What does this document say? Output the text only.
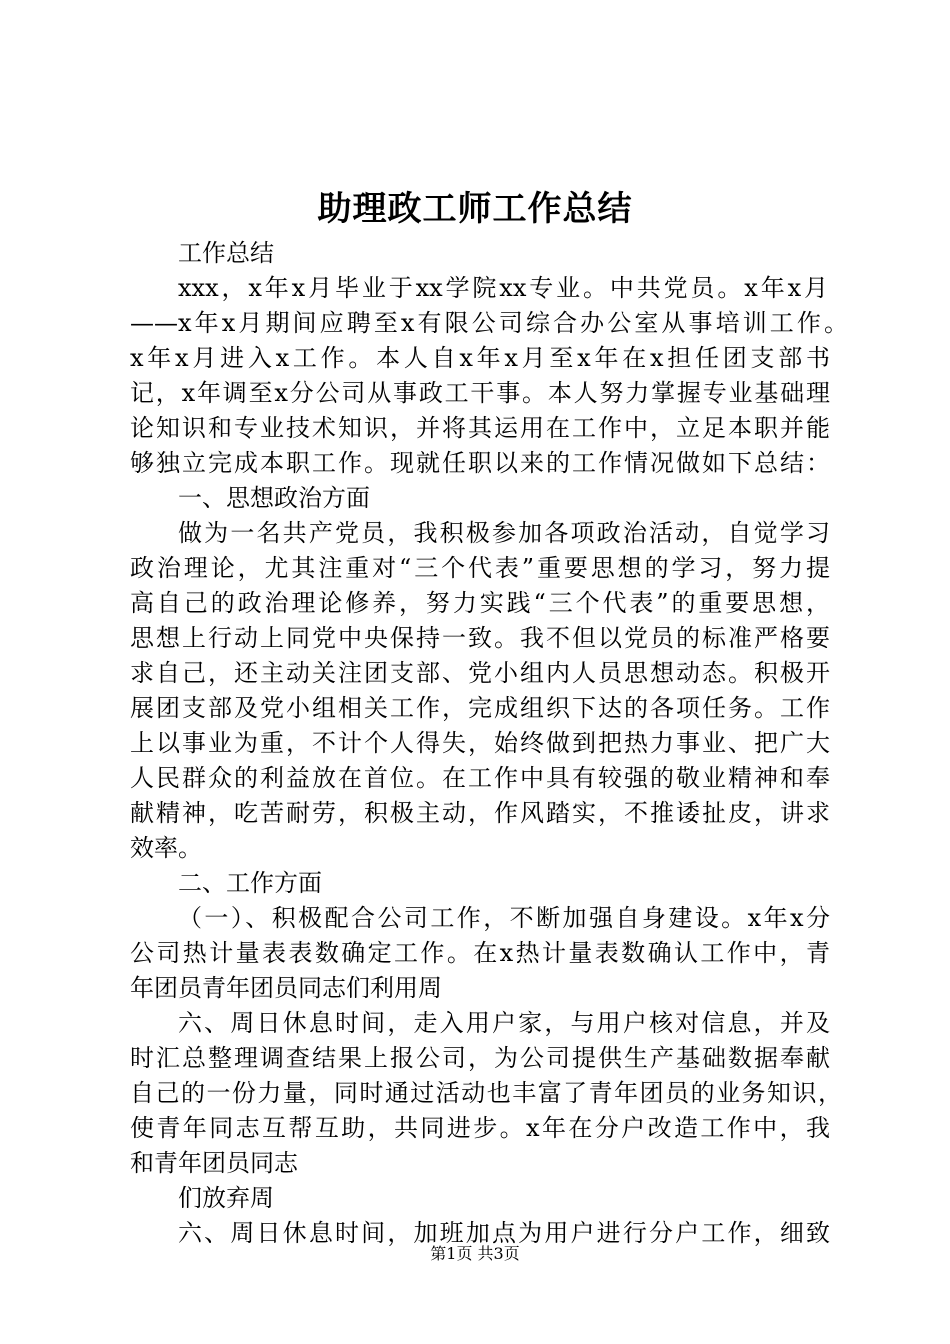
助理政工师工作总结
工作总结
xxx，x年x月毕业于xx学院xx专业。中共党员。x年x月
——x年x月期间应聘至x有限公司综合办公室从事培训工作。
x年x月进入x工作。本人自x年x月至x年在x担任团支部书
记，x年调至x分公司从事政工干事。本人努力掌握专业基础理
论知识和专业技术知识，并将其运用在工作中，立足本职并能
够独立完成本职工作。现就任职以来的工作情况做如下总结：
一、思想政治方面
做为一名共产党员，我积极参加各项政治活动，自觉学习
政治理论，尤其注重对“三个代表”重要思想的学习，努力提
高自己的政治理论修养，努力实践“三个代表”的重要思想，
思想上行动上同党中央保持一致。我不但以党员的标准严格要
求自己，还主动关注团支部、党小组内人员思想动态。积极开
展团支部及党小组相关工作，完成组织下达的各项任务。工作
上以事业为重，不计个人得失，始终做到把热力事业、把广大
人民群众的利益放在首位。在工作中具有较强的敬业精神和奉
献精神，吃苦耐劳，积极主动，作风踏实，不推诿扯皮，讲求
效率。
二、工作方面
（一）、积极配合公司工作，不断加强自身建设。x年x分
公司热计量表表数确定工作。在x热计量表数确认工作中，青
年团员青年团员同志们利用周
六、周日休息时间，走入用户家，与用户核对信息，并及
时汇总整理调查结果上报公司，为公司提供生产基础数据奉献
自己的一份力量，同时通过活动也丰富了青年团员的业务知识，
使青年同志互帮互助，共同进步。x年在分户改造工作中，我
和青年团员同志
们放弃周
六、周日休息时间，加班加点为用户进行分户工作，细致
第1页 共3页
